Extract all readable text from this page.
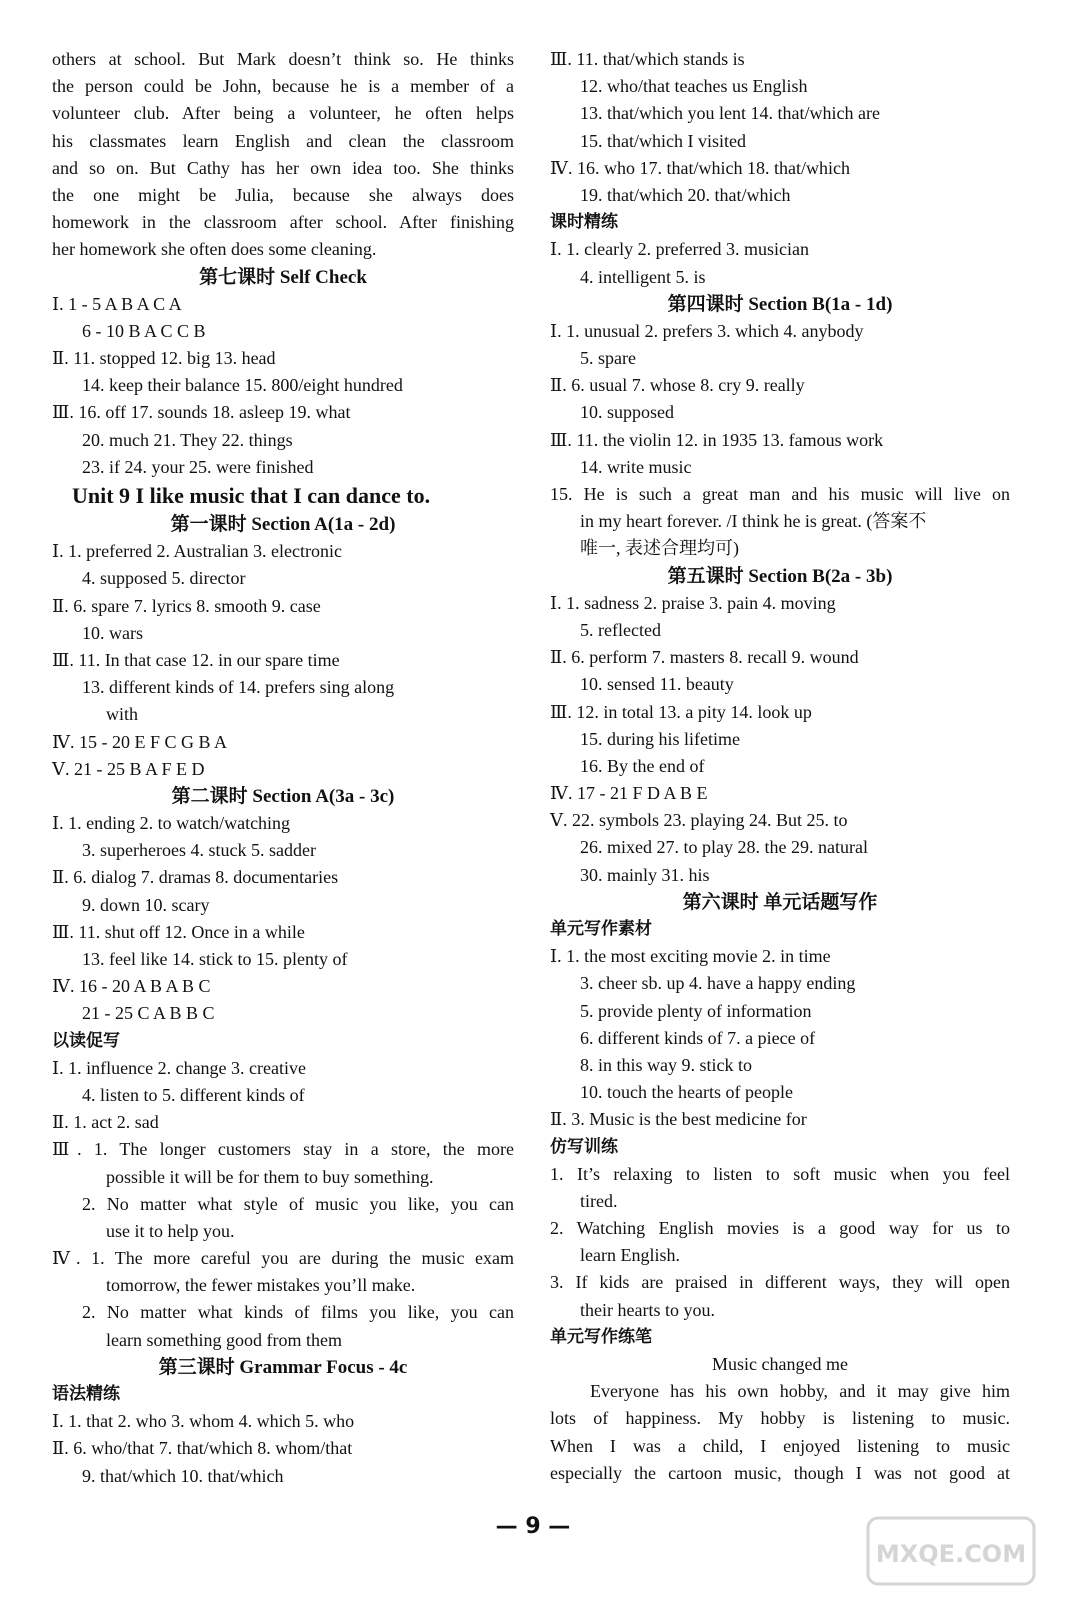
others at school. But Mark doesn’t think so. He thinks
the person could be John, because he is a member of a
volunteer club. After being a volunteer, he often helps
his classmates learn English and clean the classroom
and so on. But Cathy has her own idea too. She thinks
the one might be Julia, because she always does
homework in the classroom after school. After finishing
her homework she often does some cleaning.
第七课时 Self Check
Ⅰ. 1 - 5 A B A C A
6 - 10 B A C C B
Ⅱ. 11. stopped 12. big 13. head
14. keep their balance 15. 800/eight hundred
Ⅲ. 16. off 17. sounds 18. asleep 19. what
20. much 21. They 22. things
23. if 24. your 25. were finished
Unit 9 I like music that I can dance to.
第一课时 Section A(1a - 2d)
Ⅰ. 1. preferred 2. Australian 3. electronic
4. supposed 5. director
Ⅱ. 6. spare 7. lyrics 8. smooth 9. case
10. wars
Ⅲ. 11. In that case 12. in our spare time
13. different kinds of 14. prefers sing along
with
Ⅳ. 15 - 20 E F C G B A
Ⅴ. 21 - 25 B A F E D
第二课时 Section A(3a - 3c)
Ⅰ. 1. ending 2. to watch/watching
3. superheroes 4. stuck 5. sadder
Ⅱ. 6. dialog 7. dramas 8. documentaries
9. down 10. scary
Ⅲ. 11. shut off 12. Once in a while
13. feel like 14. stick to 15. plenty of
Ⅳ. 16 - 20 A B A B C
21 - 25 C A B B C
以读促写
Ⅰ. 1. influence 2. change 3. creative
4. listen to 5. different kinds of
Ⅱ. 1. act 2. sad
Ⅲ. 1. The longer customers stay in a store, the more
possible it will be for them to buy something.
2. No matter what style of music you like, you can
use it to help you.
Ⅳ. 1. The more careful you are during the music exam
tomorrow, the fewer mistakes you’ll make.
2. No matter what kinds of films you like, you can
learn something good from them
第三课时 Grammar Focus - 4c
语法精练
Ⅰ. 1. that 2. who 3. whom 4. which 5. who
Ⅱ. 6. who/that 7. that/which 8. whom/that
9. that/which 10. that/which
Ⅲ. 11. that/which stands is
12. who/that teaches us English
13. that/which you lent 14. that/which are
15. that/which I visited
Ⅳ. 16. who 17. that/which 18. that/which
19. that/which 20. that/which
课时精练
Ⅰ. 1. clearly 2. preferred 3. musician
4. intelligent 5. is
第四课时 Section B(1a - 1d)
Ⅰ. 1. unusual 2. prefers 3. which 4. anybody
5. spare
Ⅱ. 6. usual 7. whose 8. cry 9. really
10. supposed
Ⅲ. 11. the violin 12. in 1935 13. famous work
14. write music
15. He is such a great man and his music will live on
in my heart forever. /I think he is great. (答案不
唯一, 表述合理均可)
第五课时 Section B(2a - 3b)
Ⅰ. 1. sadness 2. praise 3. pain 4. moving
5. reflected
Ⅱ. 6. perform 7. masters 8. recall 9. wound
10. sensed 11. beauty
Ⅲ. 12. in total 13. a pity 14. look up
15. during his lifetime
16. By the end of
Ⅳ. 17 - 21 F D A B E
Ⅴ. 22. symbols 23. playing 24. But 25. to
26. mixed 27. to play 28. the 29. natural
30. mainly 31. his
第六课时 单元话题写作
单元写作素材
Ⅰ. 1. the most exciting movie 2. in time
3. cheer sb. up 4. have a happy ending
5. provide plenty of information
6. different kinds of 7. a piece of
8. in this way 9. stick to
10. touch the hearts of people
Ⅱ. 3. Music is the best medicine for
仿写训练
1. It’s relaxing to listen to soft music when you feel
tired.
2. Watching English movies is a good way for us to
learn English.
3. If kids are praised in different ways, they will open
their hearts to you.
单元写作练笔
Music changed me
Everyone has his own hobby, and it may give him
lots of happiness. My hobby is listening to music.
When I was a child, I enjoyed listening to music
especially the cartoon music, though I was not good at
— 9 —
MXQE.COM
